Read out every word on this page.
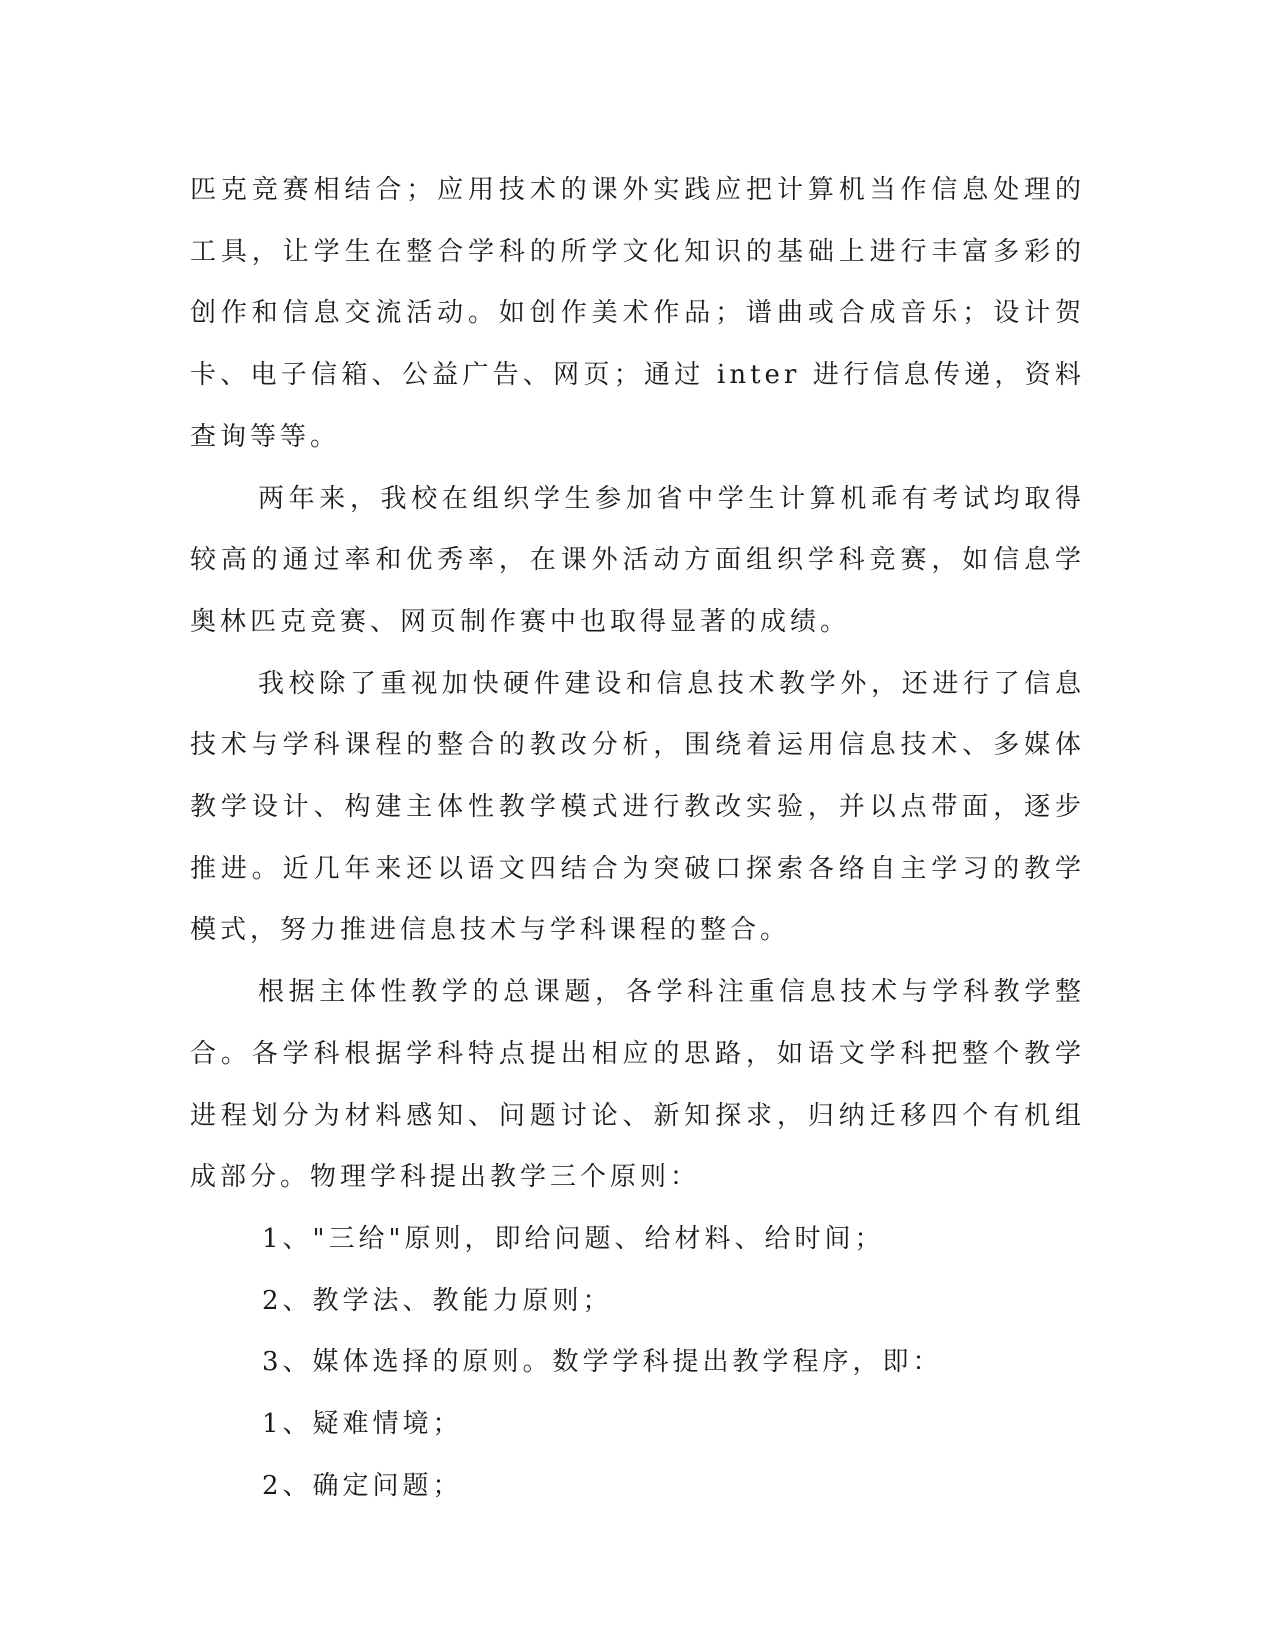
匹克竞赛相结合；应用技术的课外实践应把计算机当作信息处理的工具，让学生在整合学科的所学文化知识的基础上进行丰富多彩的创作和信息交流活动。如创作美术作品；谱曲或合成音乐；设计贺卡、电子信箱、公益广告、网页；通过 inter 进行信息传递，资料查询等等。

两年来，我校在组织学生参加省中学生计算机乖有考试均取得较高的通过率和优秀率，在课外活动方面组织学科竞赛，如信息学奥林匹克竞赛、网页制作赛中也取得显著的成绩。

我校除了重视加快硬件建设和信息技术教学外，还进行了信息技术与学科课程的整合的教改分析，围绕着运用信息技术、多媒体教学设计、构建主体性教学模式进行教改实验，并以点带面，逐步推进。近几年来还以语文四结合为突破口探索各络自主学习的教学模式，努力推进信息技术与学科课程的整合。

根据主体性教学的总课题，各学科注重信息技术与学科教学整合。各学科根据学科特点提出相应的思路，如语文学科把整个教学进程划分为材料感知、问题讨论、新知探求，归纳迁移四个有机组成部分。物理学科提出教学三个原则：

1、"三给"原则，即给问题、给材料、给时间；

2、教学法、教能力原则；

3、媒体选择的原则。数学学科提出教学程序，即：

1、疑难情境；

2、确定问题；
